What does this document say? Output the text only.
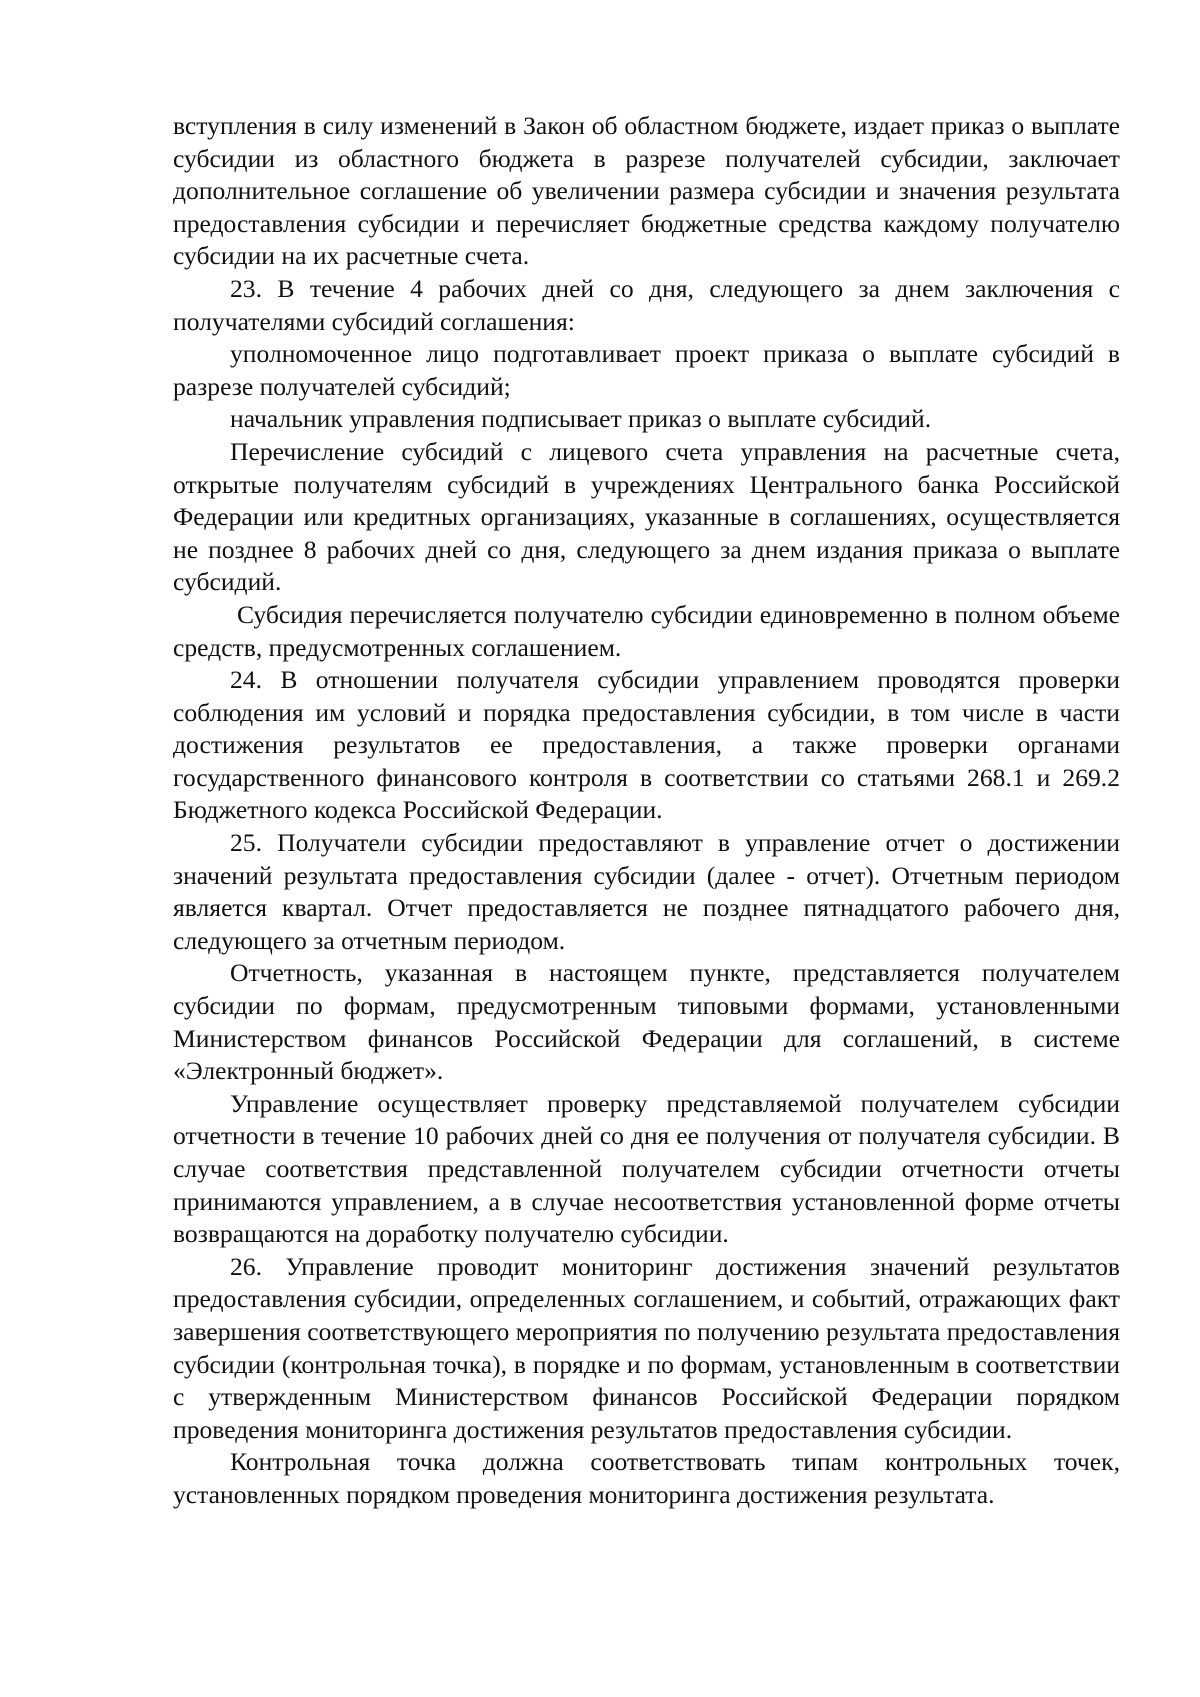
вступления в силу изменений в Закон об областном бюджете, издает приказ о выплате субсидии из областного бюджета в разрезе получателей субсидии, заключает дополнительное соглашение об увеличении размера субсидии и значения результата предоставления субсидии и перечисляет бюджетные средства каждому получателю субсидии на их расчетные счета.

23. В течение 4 рабочих дней со дня, следующего за днем заключения с получателями субсидий соглашения:

уполномоченное лицо подготавливает проект приказа о выплате субсидий в разрезе получателей субсидий;

начальник управления подписывает приказ о выплате субсидий.

Перечисление субсидий с лицевого счета управления на расчетные счета, открытые получателям субсидий в учреждениях Центрального банка Российской Федерации или кредитных организациях, указанные в соглашениях, осуществляется не позднее 8 рабочих дней со дня, следующего за днем издания приказа о выплате субсидий.

Субсидия перечисляется получателю субсидии единовременно в полном объеме средств, предусмотренных соглашением.

24. В отношении получателя субсидии управлением проводятся проверки соблюдения им условий и порядка предоставления субсидии, в том числе в части достижения результатов ее предоставления, а также проверки органами государственного финансового контроля в соответствии со статьями 268.1 и 269.2 Бюджетного кодекса Российской Федерации.

25. Получатели субсидии предоставляют в управление отчет о достижении значений результата предоставления субсидии (далее - отчет). Отчетным периодом является квартал. Отчет предоставляется не позднее пятнадцатого рабочего дня, следующего за отчетным периодом.

Отчетность, указанная в настоящем пункте, представляется получателем субсидии по формам, предусмотренным типовыми формами, установленными Министерством финансов Российской Федерации для соглашений, в системе «Электронный бюджет».

Управление осуществляет проверку представляемой получателем субсидии отчетности в течение 10 рабочих дней со дня ее получения от получателя субсидии. В случае соответствия представленной получателем субсидии отчетности отчеты принимаются управлением, а в случае несоответствия установленной форме отчеты возвращаются на доработку получателю субсидии.

26. Управление проводит мониторинг достижения значений результатов предоставления субсидии, определенных соглашением, и событий, отражающих факт завершения соответствующего мероприятия по получению результата предоставления субсидии (контрольная точка), в порядке и по формам, установленным в соответствии с утвержденным Министерством финансов Российской Федерации порядком проведения мониторинга достижения результатов предоставления субсидии.

Контрольная точка должна соответствовать типам контрольных точек, установленных порядком проведения мониторинга достижения результата.
